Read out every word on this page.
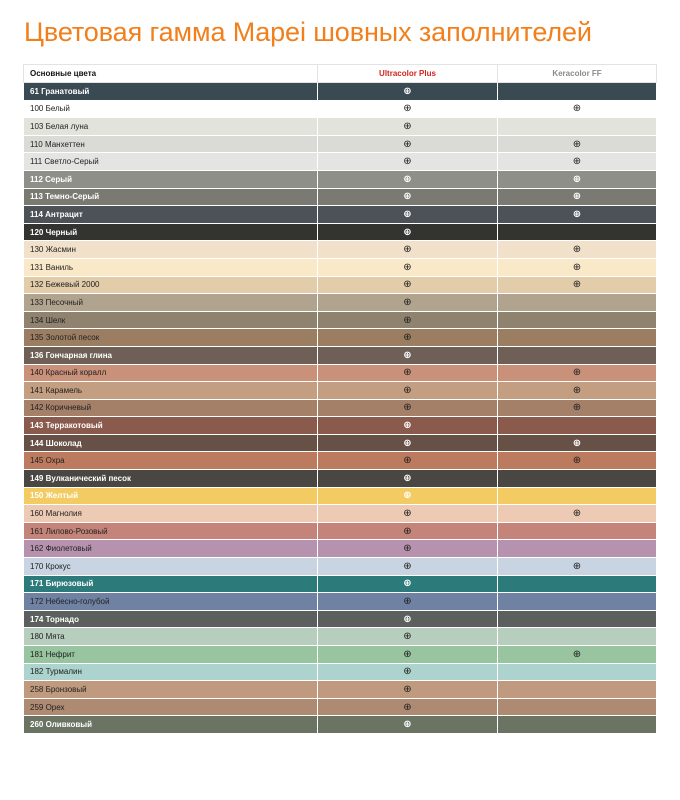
Цветовая гамма Mapei шовных заполнителей
Основные цвета	Ultracolor Plus	Keracolor FF
61 Гранатовый	⊕	
100 Белый	⊕	⊕
103 Белая луна	⊕	
110 Манхеттен	⊕	⊕
111 Светло-Серый	⊕	⊕
112 Серый	⊕	⊕
113 Темно-Серый	⊕	⊕
114 Антрацит	⊕	⊕
120 Черный	⊕	
130 Жасмин	⊕	⊕
131 Ваниль	⊕	⊕
132 Бежевый 2000	⊕	⊕
133 Песочный	⊕	
134 Шелк	⊕	
135 Золотой песок	⊕	
136 Гончарная глина	⊕	
140 Красный коралл	⊕	⊕
141 Карамель	⊕	⊕
142 Коричневый	⊕	⊕
143 Терракотовый	⊕	
144 Шоколад	⊕	⊕
145 Охра	⊕	⊕
149 Вулканический песок	⊕	
150 Желтый	⊕	
160 Магнолия	⊕	⊕
161 Лилово-Розовый	⊕	
162 Фиолетовый	⊕	
170 Крокус	⊕	⊕
171 Бирюзовый	⊕	
172 Небесно-голубой	⊕	
174 Торнадо	⊕	
180 Мята	⊕	
181 Нефрит	⊕	⊕
182 Турмалин	⊕	
258 Бронзовый	⊕	
259 Орех	⊕	
260 Оливковый	⊕	
